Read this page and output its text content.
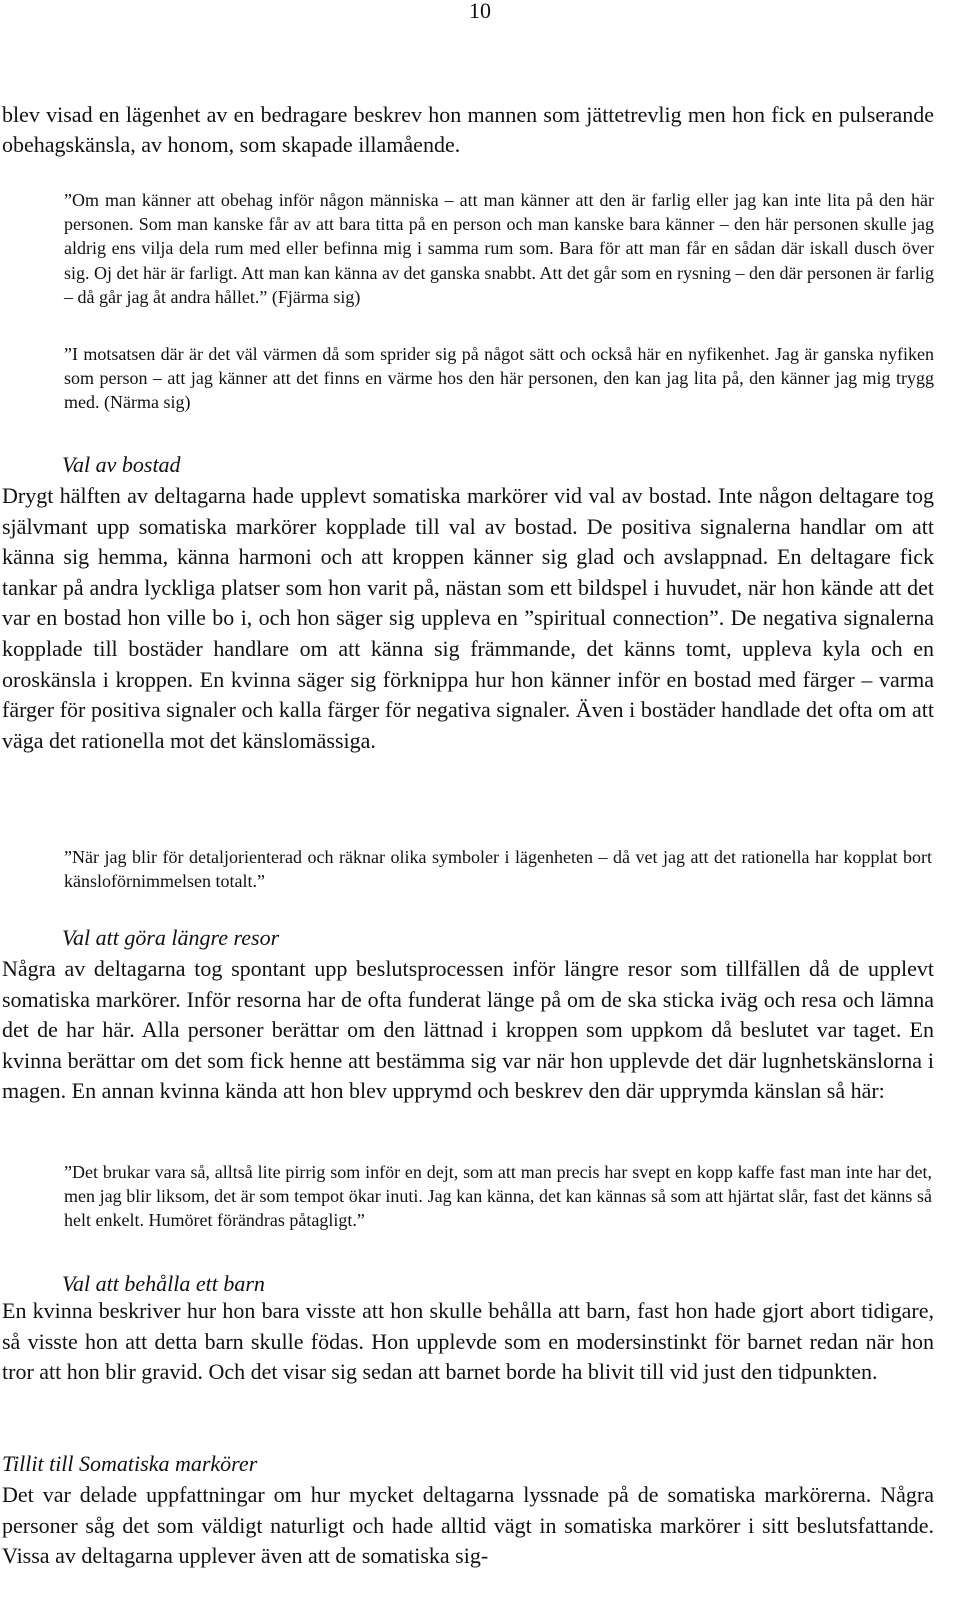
10
blev visad en lägenhet av en bedragare beskrev hon mannen som jättetrevlig men hon fick en pulserande obehagskänsla, av honom, som skapade illamående.
”Om man känner att obehag inför någon människa – att man känner att den är farlig eller jag kan inte lita på den här personen. Som man kanske får av att bara titta på en person och man kanske bara känner – den här personen skulle jag aldrig ens vilja dela rum med eller befinna mig i samma rum som. Bara för att man får en sådan där iskall dusch över sig. Oj det här är farligt. Att man kan känna av det ganska snabbt. Att det går som en rysning – den där personen är farlig – då går jag åt andra hållet.” (Fjärma sig)
”I motsatsen där är det väl värmen då som sprider sig på något sätt och också här en nyfikenhet. Jag är ganska nyfiken som person – att jag känner att det finns en värme hos den här personen, den kan jag lita på, den känner jag mig trygg med. (Närma sig)
Val av bostad
Drygt hälften av deltagarna hade upplevt somatiska markörer vid val av bostad. Inte någon deltagare tog självmant upp somatiska markörer kopplade till val av bostad. De positiva signalerna handlar om att känna sig hemma, känna harmoni och att kroppen känner sig glad och avslappnad. En deltagare fick tankar på andra lyckliga platser som hon varit på, nästan som ett bildspel i huvudet, när hon kände att det var en bostad hon ville bo i, och hon säger sig uppleva en ”spiritual connection”. De negativa signalerna kopplade till bostäder handlare om att känna sig främmande, det känns tomt, uppleva kyla och en oroskänsla i kroppen. En kvinna säger sig förknippa hur hon känner inför en bostad med färger – varma färger för positiva signaler och kalla färger för negativa signaler. Även i bostäder handlade det ofta om att väga det rationella mot det känslomässiga.
”När jag blir för detaljorienterad och räknar olika symboler i lägenheten – då vet jag att det rationella har kopplat bort känsloförnimmelsen totalt.”
Val att göra längre resor
Några av deltagarna tog spontant upp beslutsprocessen inför längre resor som tillfällen då de upplevt somatiska markörer. Inför resorna har de ofta funderat länge på om de ska sticka iväg och resa och lämna det de har här. Alla personer berättar om den lättnad i kroppen som uppkom då beslutet var taget. En kvinna berättar om det som fick henne att bestämma sig var när hon upplevde det där lugnhetskänslorna i magen. En annan kvinna kända att hon blev upprymd och beskrev den där upprymda känslan så här:
”Det brukar vara så, alltså lite pirrig som inför en dejt, som att man precis har svept en kopp kaffe fast man inte har det, men jag blir liksom, det är som tempot ökar inuti. Jag kan känna, det kan kännas så som att hjärtat slår, fast det känns så helt enkelt. Humöret förändras påtagligt.”
Val att behålla ett barn
En kvinna beskriver hur hon bara visste att hon skulle behålla att barn, fast hon hade gjort abort tidigare, så visste hon att detta barn skulle födas. Hon upplevde som en modersinstinkt för barnet redan när hon tror att hon blir gravid. Och det visar sig sedan att barnet borde ha blivit till vid just den tidpunkten.
Tillit till Somatiska markörer
Det var delade uppfattningar om hur mycket deltagarna lyssnade på de somatiska markörerna. Några personer såg det som väldigt naturligt och hade alltid vägt in somatiska markörer i sitt beslutsfattande. Vissa av deltagarna upplever även att de somatiska sig-
